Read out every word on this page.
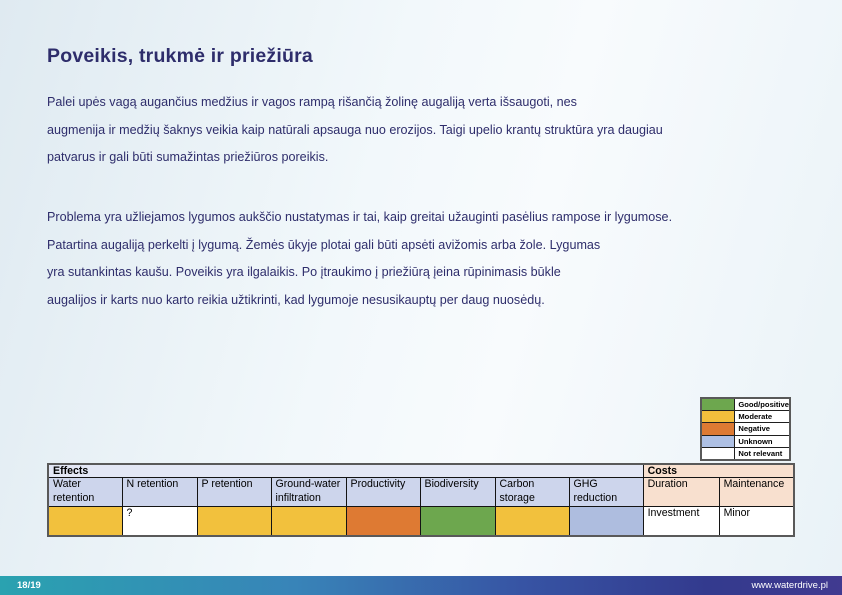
Poveikis, trukmė ir priežiūra
Palei upės vagą augančius medžius ir vagos rampą rišančią žolinę augaliją verta išsaugoti, nes
augmenija ir medžių šaknys veikia kaip natūrali apsauga nuo erozijos. Taigi upelio krantų struktūra yra daugiau
patvarus ir gali būti sumažintas priežiūros poreikis.
Problema yra užliejamos lygumos aukščio nustatymas ir tai, kaip greitai užauginti pasėlius rampose ir lygumose.
Patartina augaliją perkelti į lygumą. Žemės ūkyje plotai gali būti apsėti avižomis arba žole. Lygumas
yra sutankintas kaušu. Poveikis yra ilgalaikis. Po įtraukimo į priežiūrą įeina rūpinimasis būkle
augalijos ir karts nuo karto reikia užtikrinti, kad lygumoje nesusikauptų per daug nuosėdų.
	Good/positive
	Moderate
	Negative
	Unknown
	Not relevant
Effects								Costs	
Water retention	N retention	P retention	Ground-water infiltration	Productivity	Biodiversity	Carbon storage	GHG reduction	Duration	Maintenance
	?							Investment	Minor
18/19	www.waterdrive.pl
